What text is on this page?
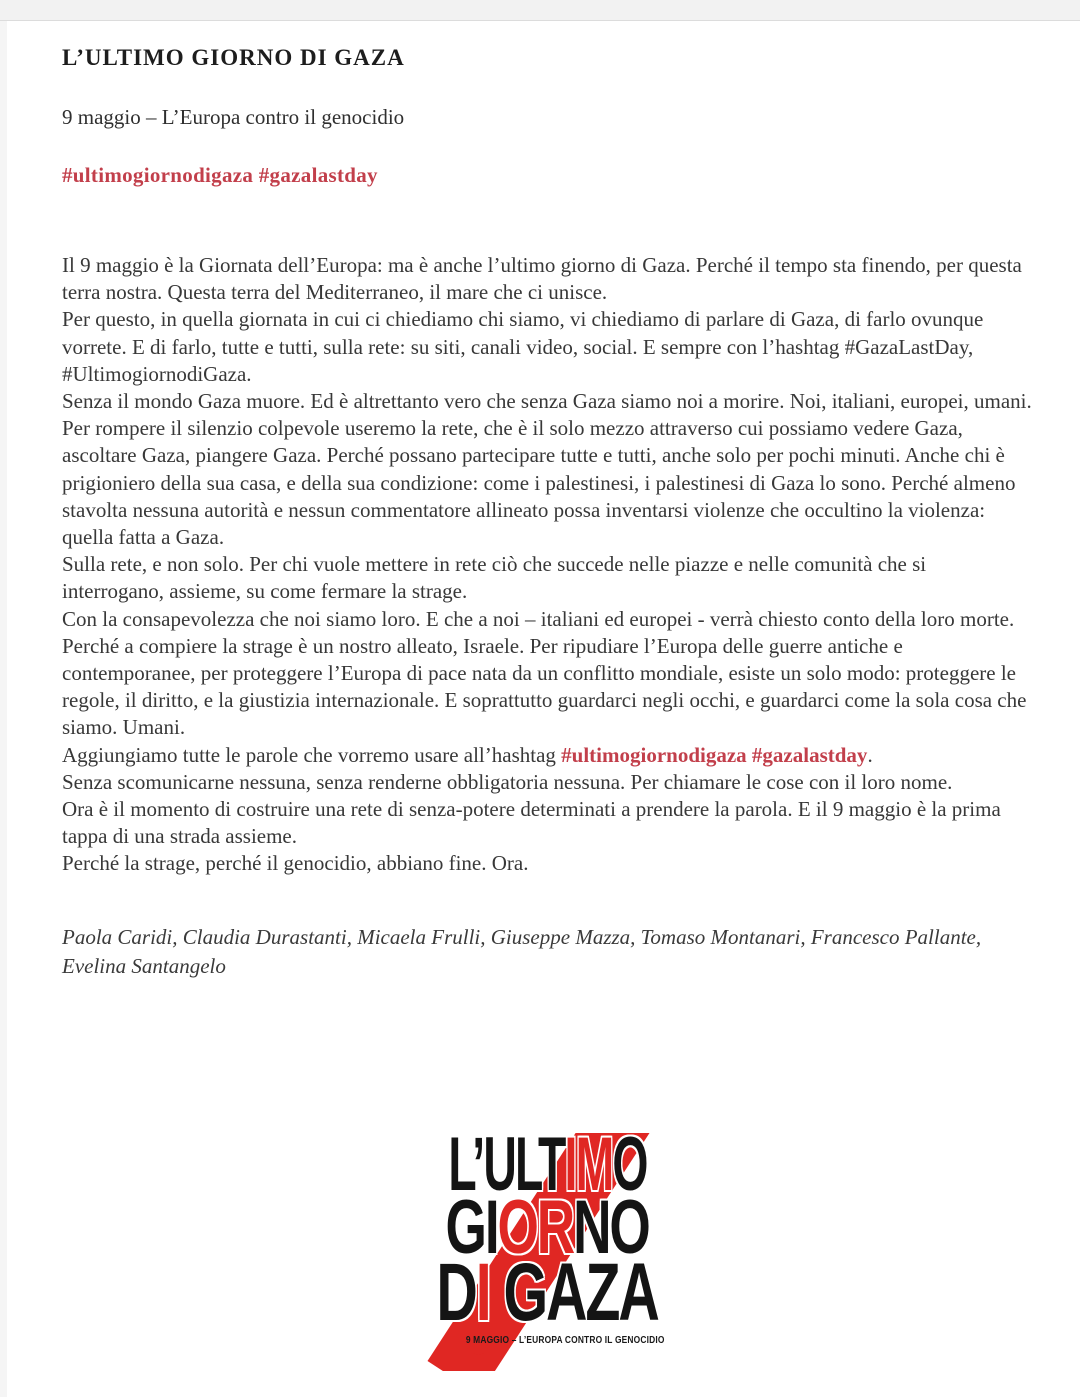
L’ULTIMO GIORNO DI GAZA

9 maggio – L’Europa contro il genocidio

#ultimogiornodigaza #gazalastday

Il 9 maggio è la Giornata dell’Europa: ma è anche l’ultimo giorno di Gaza. Perché il tempo sta finendo, per questa terra nostra. Questa terra del Mediterraneo, il mare che ci unisce.

Per questo, in quella giornata in cui ci chiediamo chi siamo, vi chiediamo di parlare di Gaza, di farlo ovunque vorrete. E di farlo, tutte e tutti, sulla rete: su siti, canali video, social. E sempre con l’hashtag #GazaLastDay, #UltimogiornodiGaza.

Senza il mondo Gaza muore. Ed è altrettanto vero che senza Gaza siamo noi a morire. Noi, italiani, europei, umani.

Per rompere il silenzio colpevole useremo la rete, che è il solo mezzo attraverso cui possiamo vedere Gaza, ascoltare Gaza, piangere Gaza. Perché possano partecipare tutte e tutti, anche solo per pochi minuti. Anche chi è prigioniero della sua casa, e della sua condizione: come i palestinesi, i palestinesi di Gaza lo sono. Perché almeno stavolta nessuna autorità e nessun commentatore allineato possa inventarsi violenze che occultino la violenza: quella fatta a Gaza.

Sulla rete, e non solo. Per chi vuole mettere in rete ciò che succede nelle piazze e nelle comunità che si interrogano, assieme, su come fermare la strage.

Con la consapevolezza che noi siamo loro. E che a noi – italiani ed europei - verrà chiesto conto della loro morte. Perché a compiere la strage è un nostro alleato, Israele. Per ripudiare l’Europa delle guerre antiche e contemporanee, per proteggere l’Europa di pace nata da un conflitto mondiale, esiste un solo modo: proteggere le regole, il diritto, e la giustizia internazionale. E soprattutto guardarci negli occhi, e guardarci come la sola cosa che siamo. Umani.

Aggiungiamo tutte le parole che vorremo usare all’hashtag #ultimogiornodigaza #gazalastday.

Senza scomunicarne nessuna, senza renderne obbligatoria nessuna. Per chiamare le cose con il loro nome.

Ora è il momento di costruire una rete di senza-potere determinati a prendere la parola. E il 9 maggio è la prima tappa di una strada assieme.

Perché la strage, perché il genocidio, abbiano fine. Ora.

Paola Caridi, Claudia Durastanti, Micaela Frulli, Giuseppe Mazza, Tomaso Montanari, Francesco Pallante, Evelina Santangelo

L’ULTIMO
GIORNO
DI GAZA
9 MAGGIO – L’EUROPA CONTRO IL GENOCIDIO
